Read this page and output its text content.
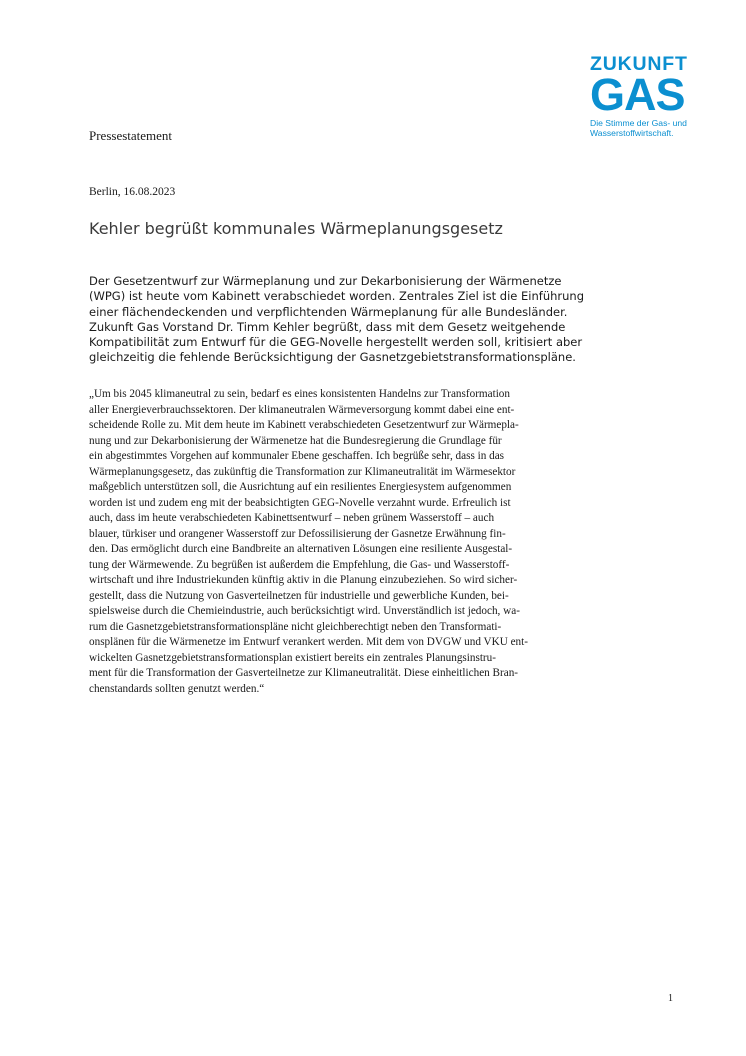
ZUKUNFT
GAS
Die Stimme der Gas- und
Wasserstoffwirtschaft.
Pressestatement
Berlin, 16.08.2023
Kehler begrüßt kommunales Wärmeplanungsgesetz

Der Gesetzentwurf zur Wärmeplanung und zur Dekarbonisierung der Wärmenetze
(WPG) ist heute vom Kabinett verabschiedet worden. Zentrales Ziel ist die Einführung
einer flächendeckenden und verpflichtenden Wärmeplanung für alle Bundesländer.
Zukunft Gas Vorstand Dr. Timm Kehler begrüßt, dass mit dem Gesetz weitgehende
Kompatibilität zum Entwurf für die GEG-Novelle hergestellt werden soll, kritisiert aber
gleichzeitig die fehlende Berücksichtigung der Gasnetzgebietstransformationspläne.

„Um bis 2045 klimaneutral zu sein, bedarf es eines konsistenten Handelns zur Transformation
aller Energieverbrauchssektoren. Der klimaneutralen Wärmeversorgung kommt dabei eine ent-
scheidende Rolle zu. Mit dem heute im Kabinett verabschiedeten Gesetzentwurf zur Wärmepla-
nung und zur Dekarbonisierung der Wärmenetze hat die Bundesregierung die Grundlage für
ein abgestimmtes Vorgehen auf kommunaler Ebene geschaffen. Ich begrüße sehr, dass in das
Wärmeplanungsgesetz, das zukünftig die Transformation zur Klimaneutralität im Wärmesektor
maßgeblich unterstützen soll, die Ausrichtung auf ein resilientes Energiesystem aufgenommen
worden ist und zudem eng mit der beabsichtigten GEG-Novelle verzahnt wurde. Erfreulich ist
auch, dass im heute verabschiedeten Kabinettsentwurf – neben grünem Wasserstoff – auch
blauer, türkiser und orangener Wasserstoff zur Defossilisierung der Gasnetze Erwähnung fin-
den. Das ermöglicht durch eine Bandbreite an alternativen Lösungen eine resiliente Ausgestal-
tung der Wärmewende. Zu begrüßen ist außerdem die Empfehlung, die Gas- und Wasserstoff-
wirtschaft und ihre Industriekunden künftig aktiv in die Planung einzubeziehen. So wird sicher-
gestellt, dass die Nutzung von Gasverteilnetzen für industrielle und gewerbliche Kunden, bei-
spielsweise durch die Chemieindustrie, auch berücksichtigt wird. Unverständlich ist jedoch, wa-
rum die Gasnetzgebietstransformationspläne nicht gleichberechtigt neben den Transformati-
onsplänen für die Wärmenetze im Entwurf verankert werden. Mit dem von DVGW und VKU ent-
wickelten Gasnetzgebietstransformationsplan existiert bereits ein zentrales Planungsinstru-
ment für die Transformation der Gasverteilnetze zur Klimaneutralität. Diese einheitlichen Bran-
chenstandards sollten genutzt werden.“

1
